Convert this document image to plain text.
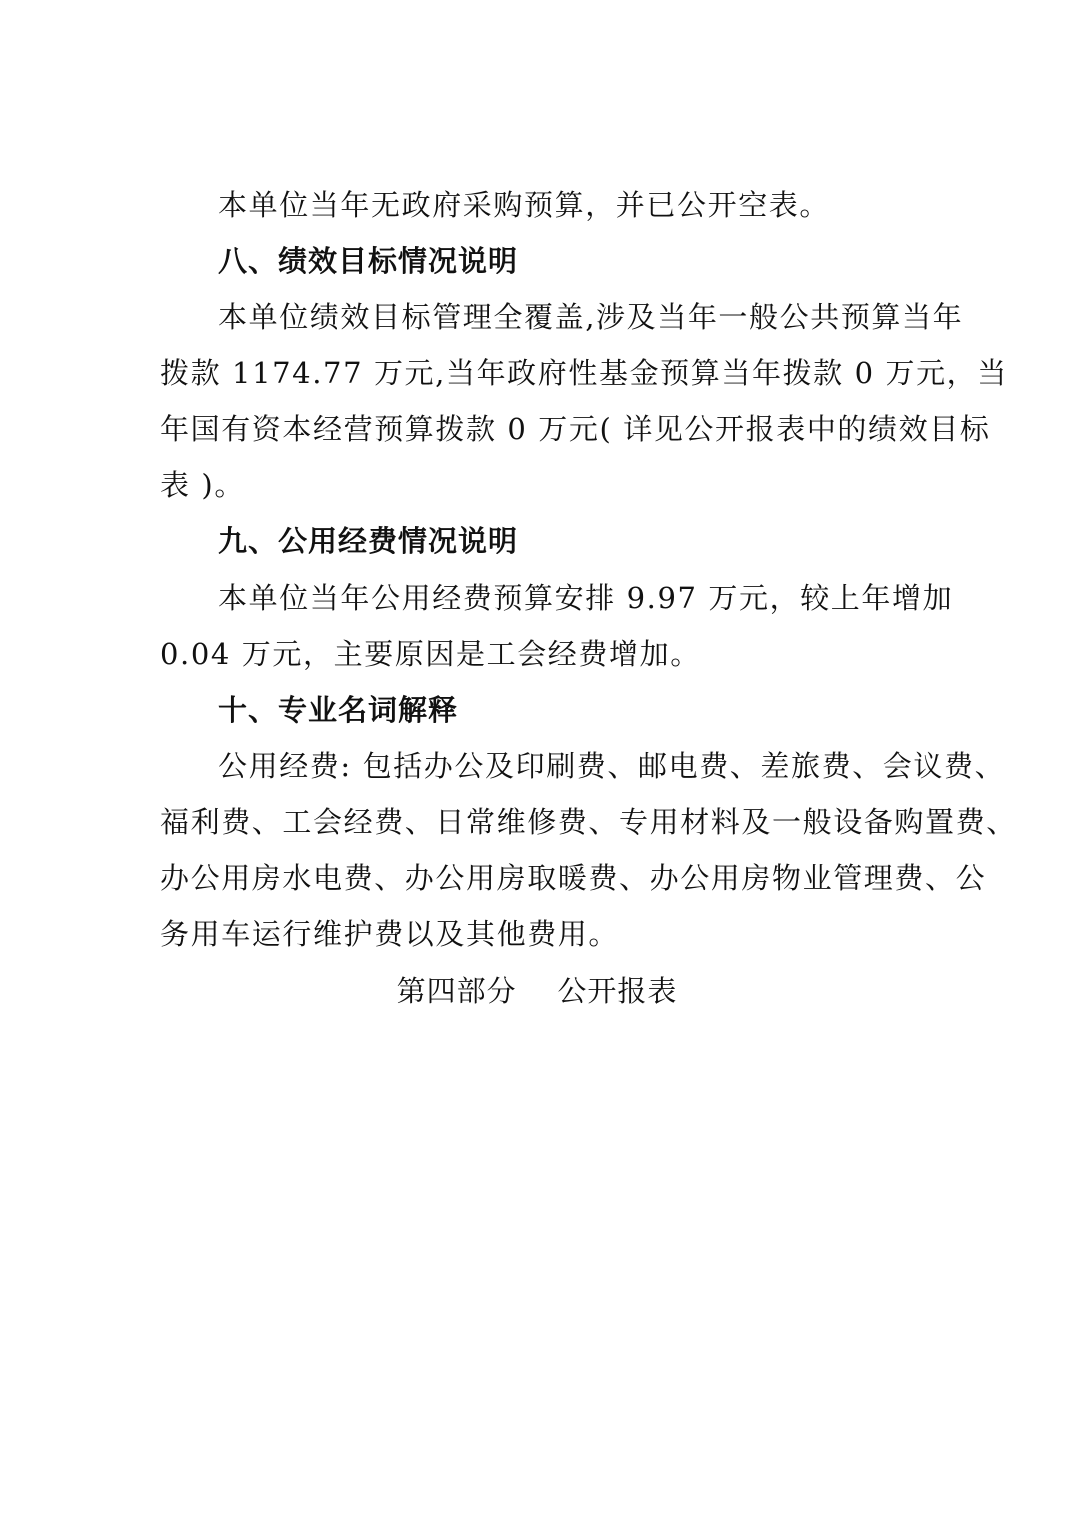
本单位当年无政府采购预算，并已公开空表。
八、绩效目标情况说明
本单位绩效目标管理全覆盖,涉及当年一般公共预算当年
拨款 1174.77 万元,当年政府性基金预算当年拨款 0 万元，当
年国有资本经营预算拨款 0 万元( 详见公开报表中的绩效目标
表 )。
九、公用经费情况说明
本单位当年公用经费预算安排 9.97 万元，较上年增加
0.04 万元，主要原因是工会经费增加。
十、专业名词解释
公用经费: 包括办公及印刷费、邮电费、差旅费、会议费、
福利费、工会经费、日常维修费、专用材料及一般设备购置费、
办公用房水电费、办公用房取暖费、办公用房物业管理费、公
务用车运行维护费以及其他费用。
第四部分    公开报表
